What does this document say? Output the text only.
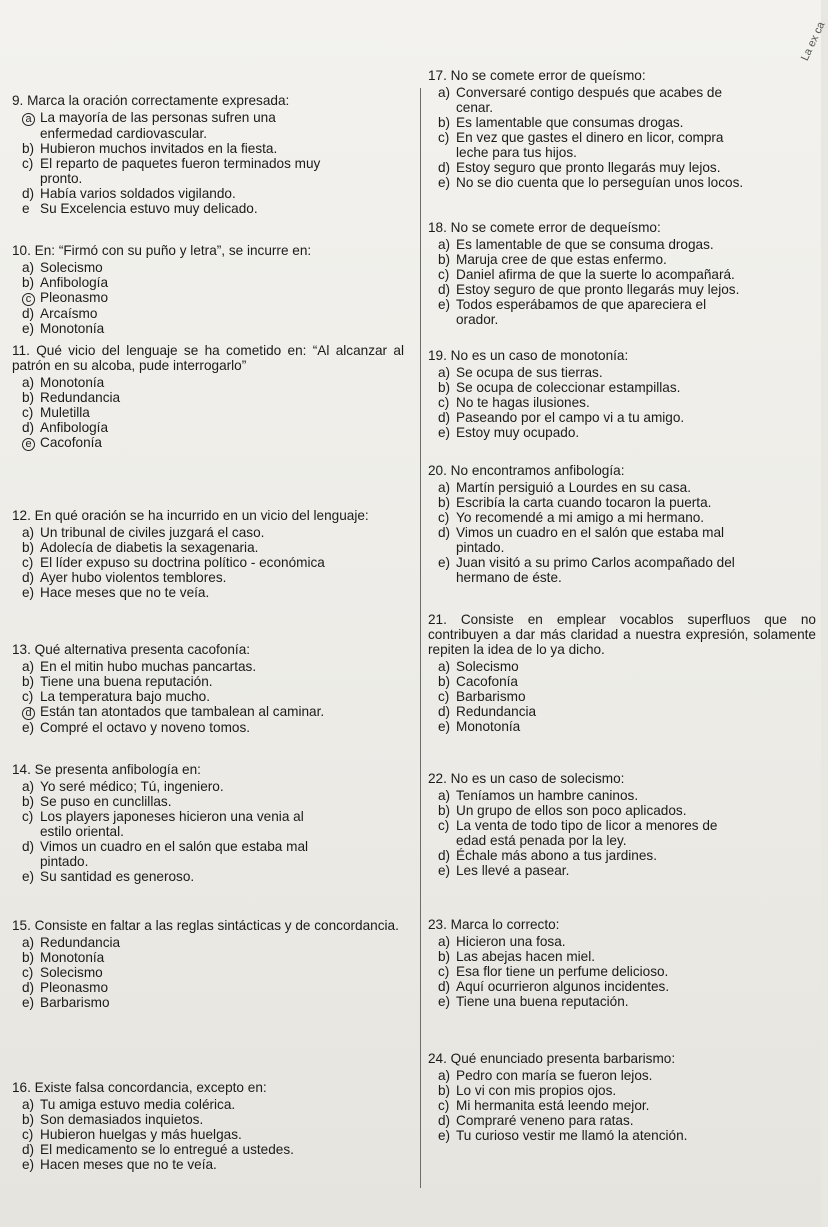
La ex ca
9. Marca la oración correctamente expresada:
a La mayoría de las personas sufren una
enfermedad cardiovascular.
b) Hubieron muchos invitados en la fiesta.
c) El reparto de paquetes fueron terminados muy
pronto.
d) Había varios soldados vigilando.
e Su Excelencia estuvo muy delicado.
10. En: “Firmó con su puño y letra”, se incurre en:
a) Solecismo
b) Anfibología
c Pleonasmo
d) Arcaísmo
e) Monotonía
11. Qué vicio del lenguaje se ha cometido en: “Al alcanzar al patrón en su alcoba, pude interrogarlo”
a) Monotonía
b) Redundancia
c) Muletilla
d) Anfibología
e Cacofonía
12. En qué oración se ha incurrido en un vicio del lenguaje:
a) Un tribunal de civiles juzgará el caso.
b) Adolecía de diabetis la sexagenaria.
c) El líder expuso su doctrina político - económica
d) Ayer hubo violentos temblores.
e) Hace meses que no te veía.
13. Qué alternativa presenta cacofonía:
a) En el mitin hubo muchas pancartas.
b) Tiene una buena reputación.
c) La temperatura bajo mucho.
d Están tan atontados que tambalean al caminar.
e) Compré el octavo y noveno tomos.
14. Se presenta anfibología en:
a) Yo seré médico; Tú, ingeniero.
b) Se puso en cunclillas.
c) Los players japoneses hicieron una venia al
estilo oriental.
d) Vimos un cuadro en el salón que estaba mal
pintado.
e) Su santidad es generoso.
15. Consiste en faltar a las reglas sintácticas y de concordancia.
a) Redundancia
b) Monotonía
c) Solecismo
d) Pleonasmo
e) Barbarismo
16. Existe falsa concordancia, excepto en:
a) Tu amiga estuvo media colérica.
b) Son demasiados inquietos.
c) Hubieron huelgas y más huelgas.
d) El medicamento se lo entregué a ustedes.
e) Hacen meses que no te veía.
17. No se comete error de queísmo:
a) Conversaré contigo después que acabes de
cenar.
b) Es lamentable que consumas drogas.
c) En vez que gastes el dinero en licor, compra
leche para tus hijos.
d) Estoy seguro que pronto llegarás muy lejos.
e) No se dio cuenta que lo perseguían unos locos.
18. No se comete error de dequeísmo:
a) Es lamentable de que se consuma drogas.
b) Maruja cree de que estas enfermo.
c) Daniel afirma de que la suerte lo acompañará.
d) Estoy seguro de que pronto llegarás muy lejos.
e) Todos esperábamos de que apareciera el
orador.
19. No es un caso de monotonía:
a) Se ocupa de sus tierras.
b) Se ocupa de coleccionar estampillas.
c) No te hagas ilusiones.
d) Paseando por el campo vi a tu amigo.
e) Estoy muy ocupado.
20. No encontramos anfibología:
a) Martín persiguió a Lourdes en su casa.
b) Escribía la carta cuando tocaron la puerta.
c) Yo recomendé a mi amigo a mi hermano.
d) Vimos un cuadro en el salón que estaba mal
pintado.
e) Juan visitó a su primo Carlos acompañado del
hermano de éste.
21. Consiste en emplear vocablos superfluos que no contribuyen a dar más claridad a nuestra expresión, solamente repiten la idea de lo ya dicho.
a) Solecismo
b) Cacofonía
c) Barbarismo
d) Redundancia
e) Monotonía
22. No es un caso de solecismo:
a) Teníamos un hambre caninos.
b) Un grupo de ellos son poco aplicados.
c) La venta de todo tipo de licor a menores de
edad está penada por la ley.
d) Échale más abono a tus jardines.
e) Les llevé a pasear.
23. Marca lo correcto:
a) Hicieron una fosa.
b) Las abejas hacen miel.
c) Esa flor tiene un perfume delicioso.
d) Aquí ocurrieron algunos incidentes.
e) Tiene una buena reputación.
24. Qué enunciado presenta barbarismo:
a) Pedro con maría se fueron lejos.
b) Lo vi con mis propios ojos.
c) Mi hermanita está leendo mejor.
d) Compraré veneno para ratas.
e) Tu curioso vestir me llamó la atención.
